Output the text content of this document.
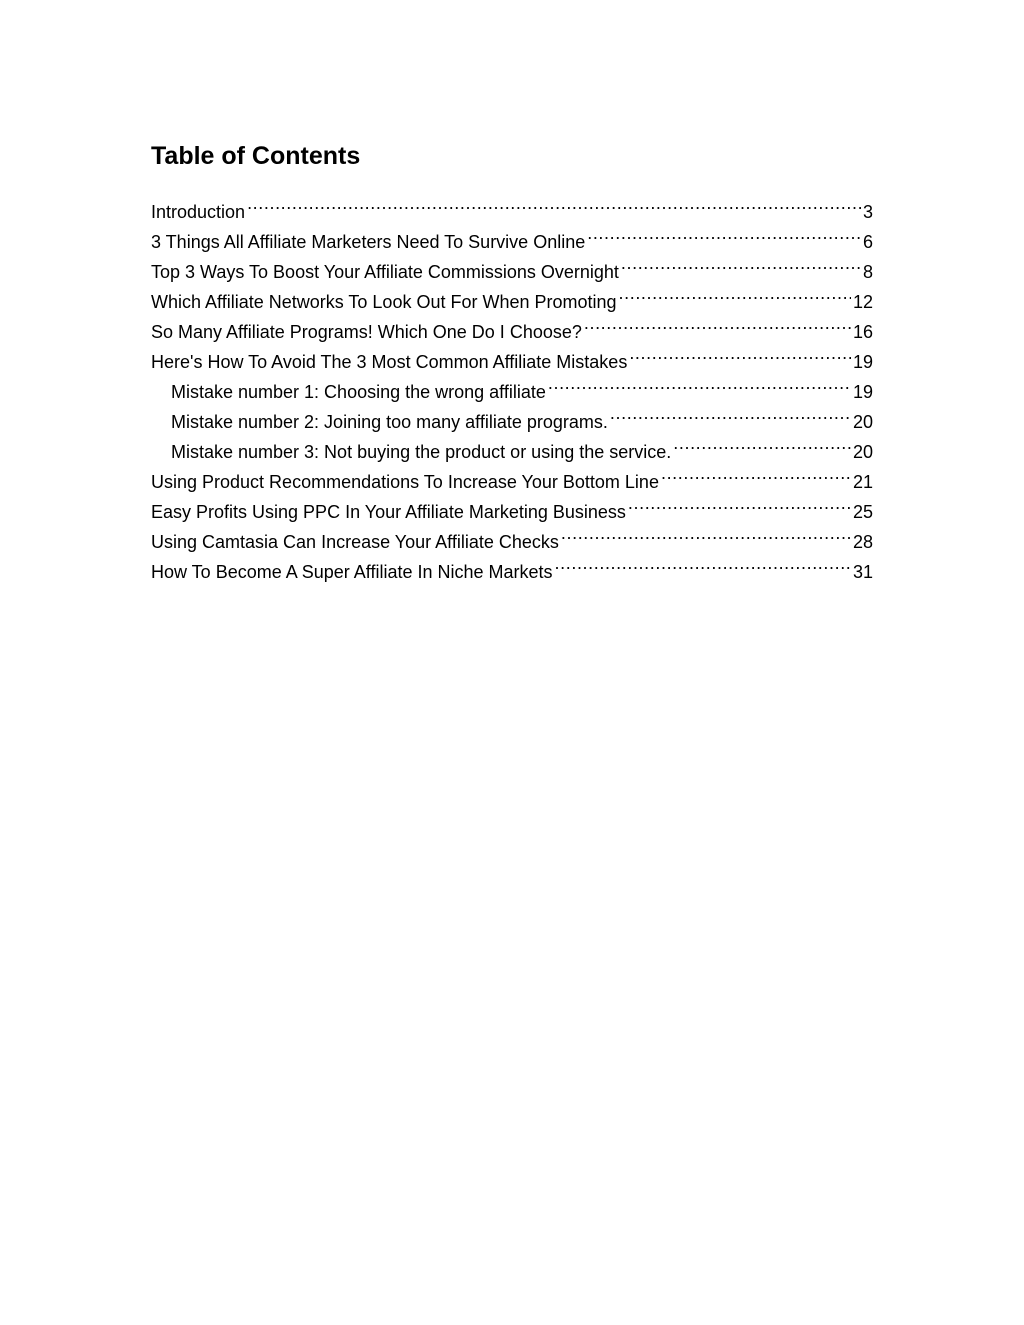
Table of Contents
Introduction .....	3
3 Things All Affiliate Marketers Need To Survive Online .....	6
Top 3 Ways To Boost Your Affiliate Commissions Overnight .....	8
Which Affiliate Networks To Look Out For When Promoting .....	12
So Many Affiliate Programs! Which One Do I Choose? .....	16
Here's How To Avoid The 3 Most Common Affiliate Mistakes .....	19
Mistake number 1: Choosing the wrong affiliate .....	19
Mistake number 2: Joining too many affiliate programs. .....	20
Mistake number 3: Not buying the product or using the service. .....	20
Using Product Recommendations To Increase Your Bottom Line .....	21
Easy Profits Using PPC In Your Affiliate Marketing Business .....	25
Using Camtasia Can Increase Your Affiliate Checks .....	28
How To Become A Super Affiliate In Niche Markets .....	31
